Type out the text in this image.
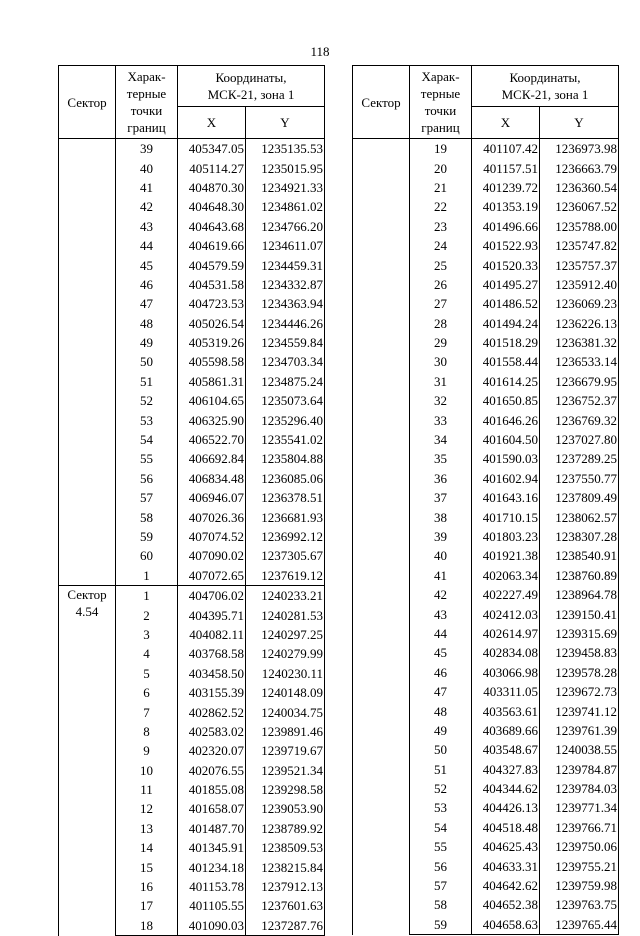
118
Сектор	Харак-
терные
точки
границ	Координаты,
МСК-21, зона 1	
		X	Y
	39	405347.05	1235135.53
	40	405114.27	1235015.95
	41	404870.30	1234921.33
	42	404648.30	1234861.02
	43	404643.68	1234766.20
	44	404619.66	1234611.07
	45	404579.59	1234459.31
	46	404531.58	1234332.87
	47	404723.53	1234363.94
	48	405026.54	1234446.26
	49	405319.26	1234559.84
	50	405598.58	1234703.34
	51	405861.31	1234875.24
	52	406104.65	1235073.64
	53	406325.90	1235296.40
	54	406522.70	1235541.02
	55	406692.84	1235804.88
	56	406834.48	1236085.06
	57	406946.07	1236378.51
	58	407026.36	1236681.93
	59	407074.52	1236992.12
	60	407090.02	1237305.67
	1	407072.65	1237619.12
Сектор
4.54	1	404706.02	1240233.21
	2	404395.71	1240281.53
	3	404082.11	1240297.25
	4	403768.58	1240279.99
	5	403458.50	1240230.11
	6	403155.39	1240148.09
	7	402862.52	1240034.75
	8	402583.02	1239891.46
	9	402320.07	1239719.67
	10	402076.55	1239521.34
	11	401855.08	1239298.58
	12	401658.07	1239053.90
	13	401487.70	1238789.92
	14	401345.91	1238509.53
	15	401234.18	1238215.84
	16	401153.78	1237912.13
	17	401105.55	1237601.63
	18	401090.03	1237287.76
Сектор	Харак-
терные
точки
границ	Координаты,
МСК-21, зона 1	
		X	Y
	19	401107.42	1236973.98
	20	401157.51	1236663.79
	21	401239.72	1236360.54
	22	401353.19	1236067.52
	23	401496.66	1235788.00
	24	401522.93	1235747.82
	25	401520.33	1235757.37
	26	401495.27	1235912.40
	27	401486.52	1236069.23
	28	401494.24	1236226.13
	29	401518.29	1236381.32
	30	401558.44	1236533.14
	31	401614.25	1236679.95
	32	401650.85	1236752.37
	33	401646.26	1236769.32
	34	401604.50	1237027.80
	35	401590.03	1237289.25
	36	401602.94	1237550.77
	37	401643.16	1237809.49
	38	401710.15	1238062.57
	39	401803.23	1238307.28
	40	401921.38	1238540.91
	41	402063.34	1238760.89
	42	402227.49	1238964.78
	43	402412.03	1239150.41
	44	402614.97	1239315.69
	45	402834.08	1239458.83
	46	403066.98	1239578.28
	47	403311.05	1239672.73
	48	403563.61	1239741.12
	49	403689.66	1239761.39
	50	403548.67	1240038.55
	51	404327.83	1239784.87
	52	404344.62	1239784.03
	53	404426.13	1239771.34
	54	404518.48	1239766.71
	55	404625.43	1239750.06
	56	404633.31	1239755.21
	57	404642.62	1239759.98
	58	404652.38	1239763.75
	59	404658.63	1239765.44
